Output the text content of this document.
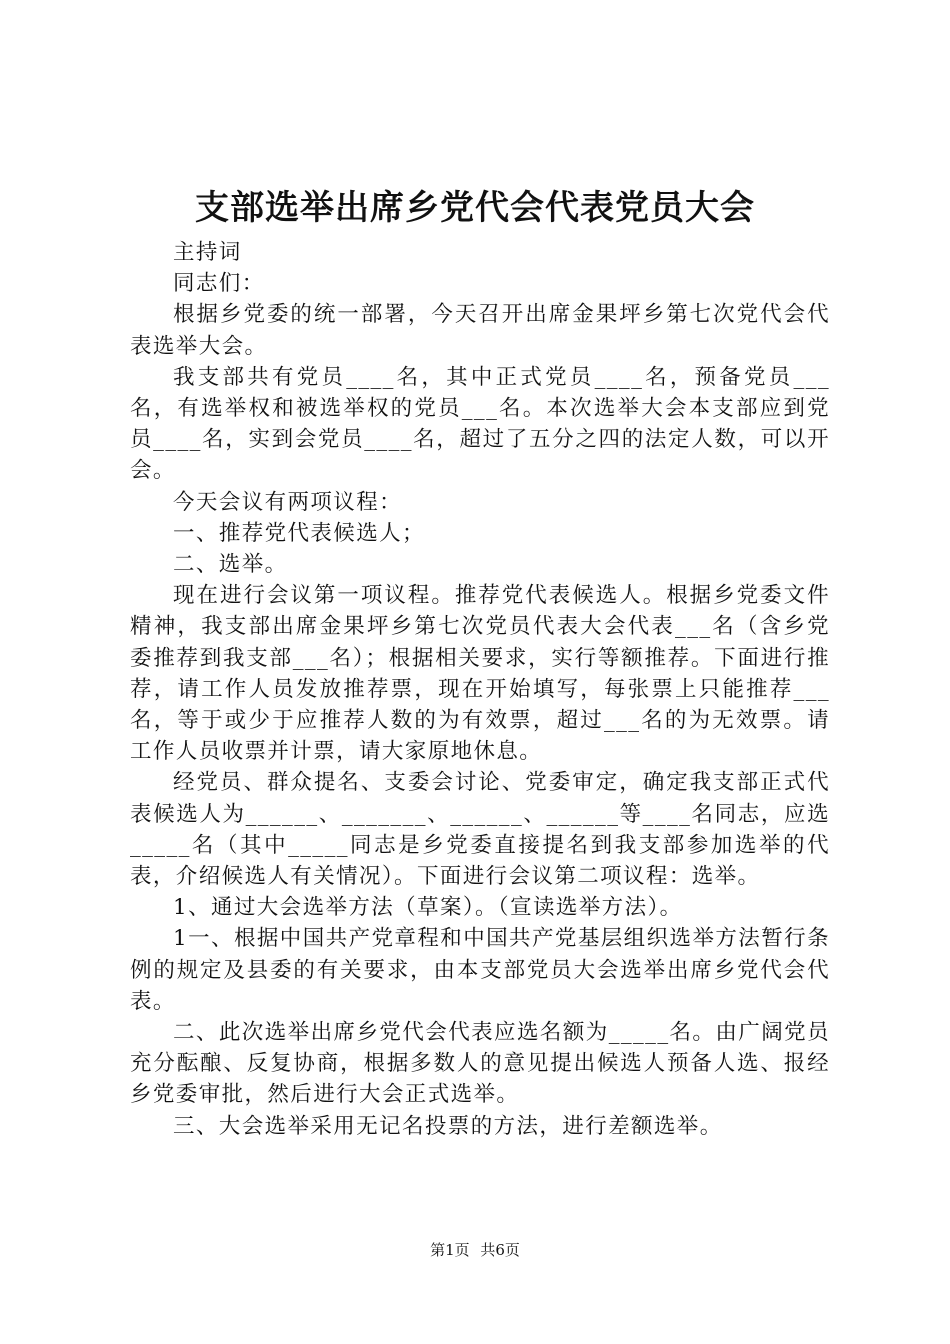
支部选举出席乡党代会代表党员大会

主持词

同志们：

根据乡党委的统一部署，今天召开出席金果坪乡第七次党代会代表选举大会。

我支部共有党员____名，其中正式党员____名，预备党员___名，有选举权和被选举权的党员___名。本次选举大会本支部应到党员____名，实到会党员____名，超过了五分之四的法定人数，可以开会。

今天会议有两项议程：

一、推荐党代表候选人；

二、选举。

现在进行会议第一项议程。推荐党代表候选人。根据乡党委文件精神，我支部出席金果坪乡第七次党员代表大会代表___名（含乡党委推荐到我支部___名）；根据相关要求，实行等额推荐。下面进行推荐，请工作人员发放推荐票，现在开始填写，每张票上只能推荐___名，等于或少于应推荐人数的为有效票，超过___名的为无效票。请工作人员收票并计票，请大家原地休息。

经党员、群众提名、支委会讨论、党委审定，确定我支部正式代表候选人为______、_______、______、______等____名同志，应选_____名（其中_____同志是乡党委直接提名到我支部参加选举的代表，介绍候选人有关情况）。下面进行会议第二项议程：选举。

1、通过大会选举方法（草案）。（宣读选举方法）。

1一、根据中国共产党章程和中国共产党基层组织选举方法暂行条例的规定及县委的有关要求，由本支部党员大会选举出席乡党代会代表。

二、此次选举出席乡党代会代表应选名额为_____名。由广阔党员充分酝酿、反复协商，根据多数人的意见提出候选人预备人选、报经乡党委审批，然后进行大会正式选举。

三、大会选举采用无记名投票的方法，进行差额选举。

第1页 共6页
